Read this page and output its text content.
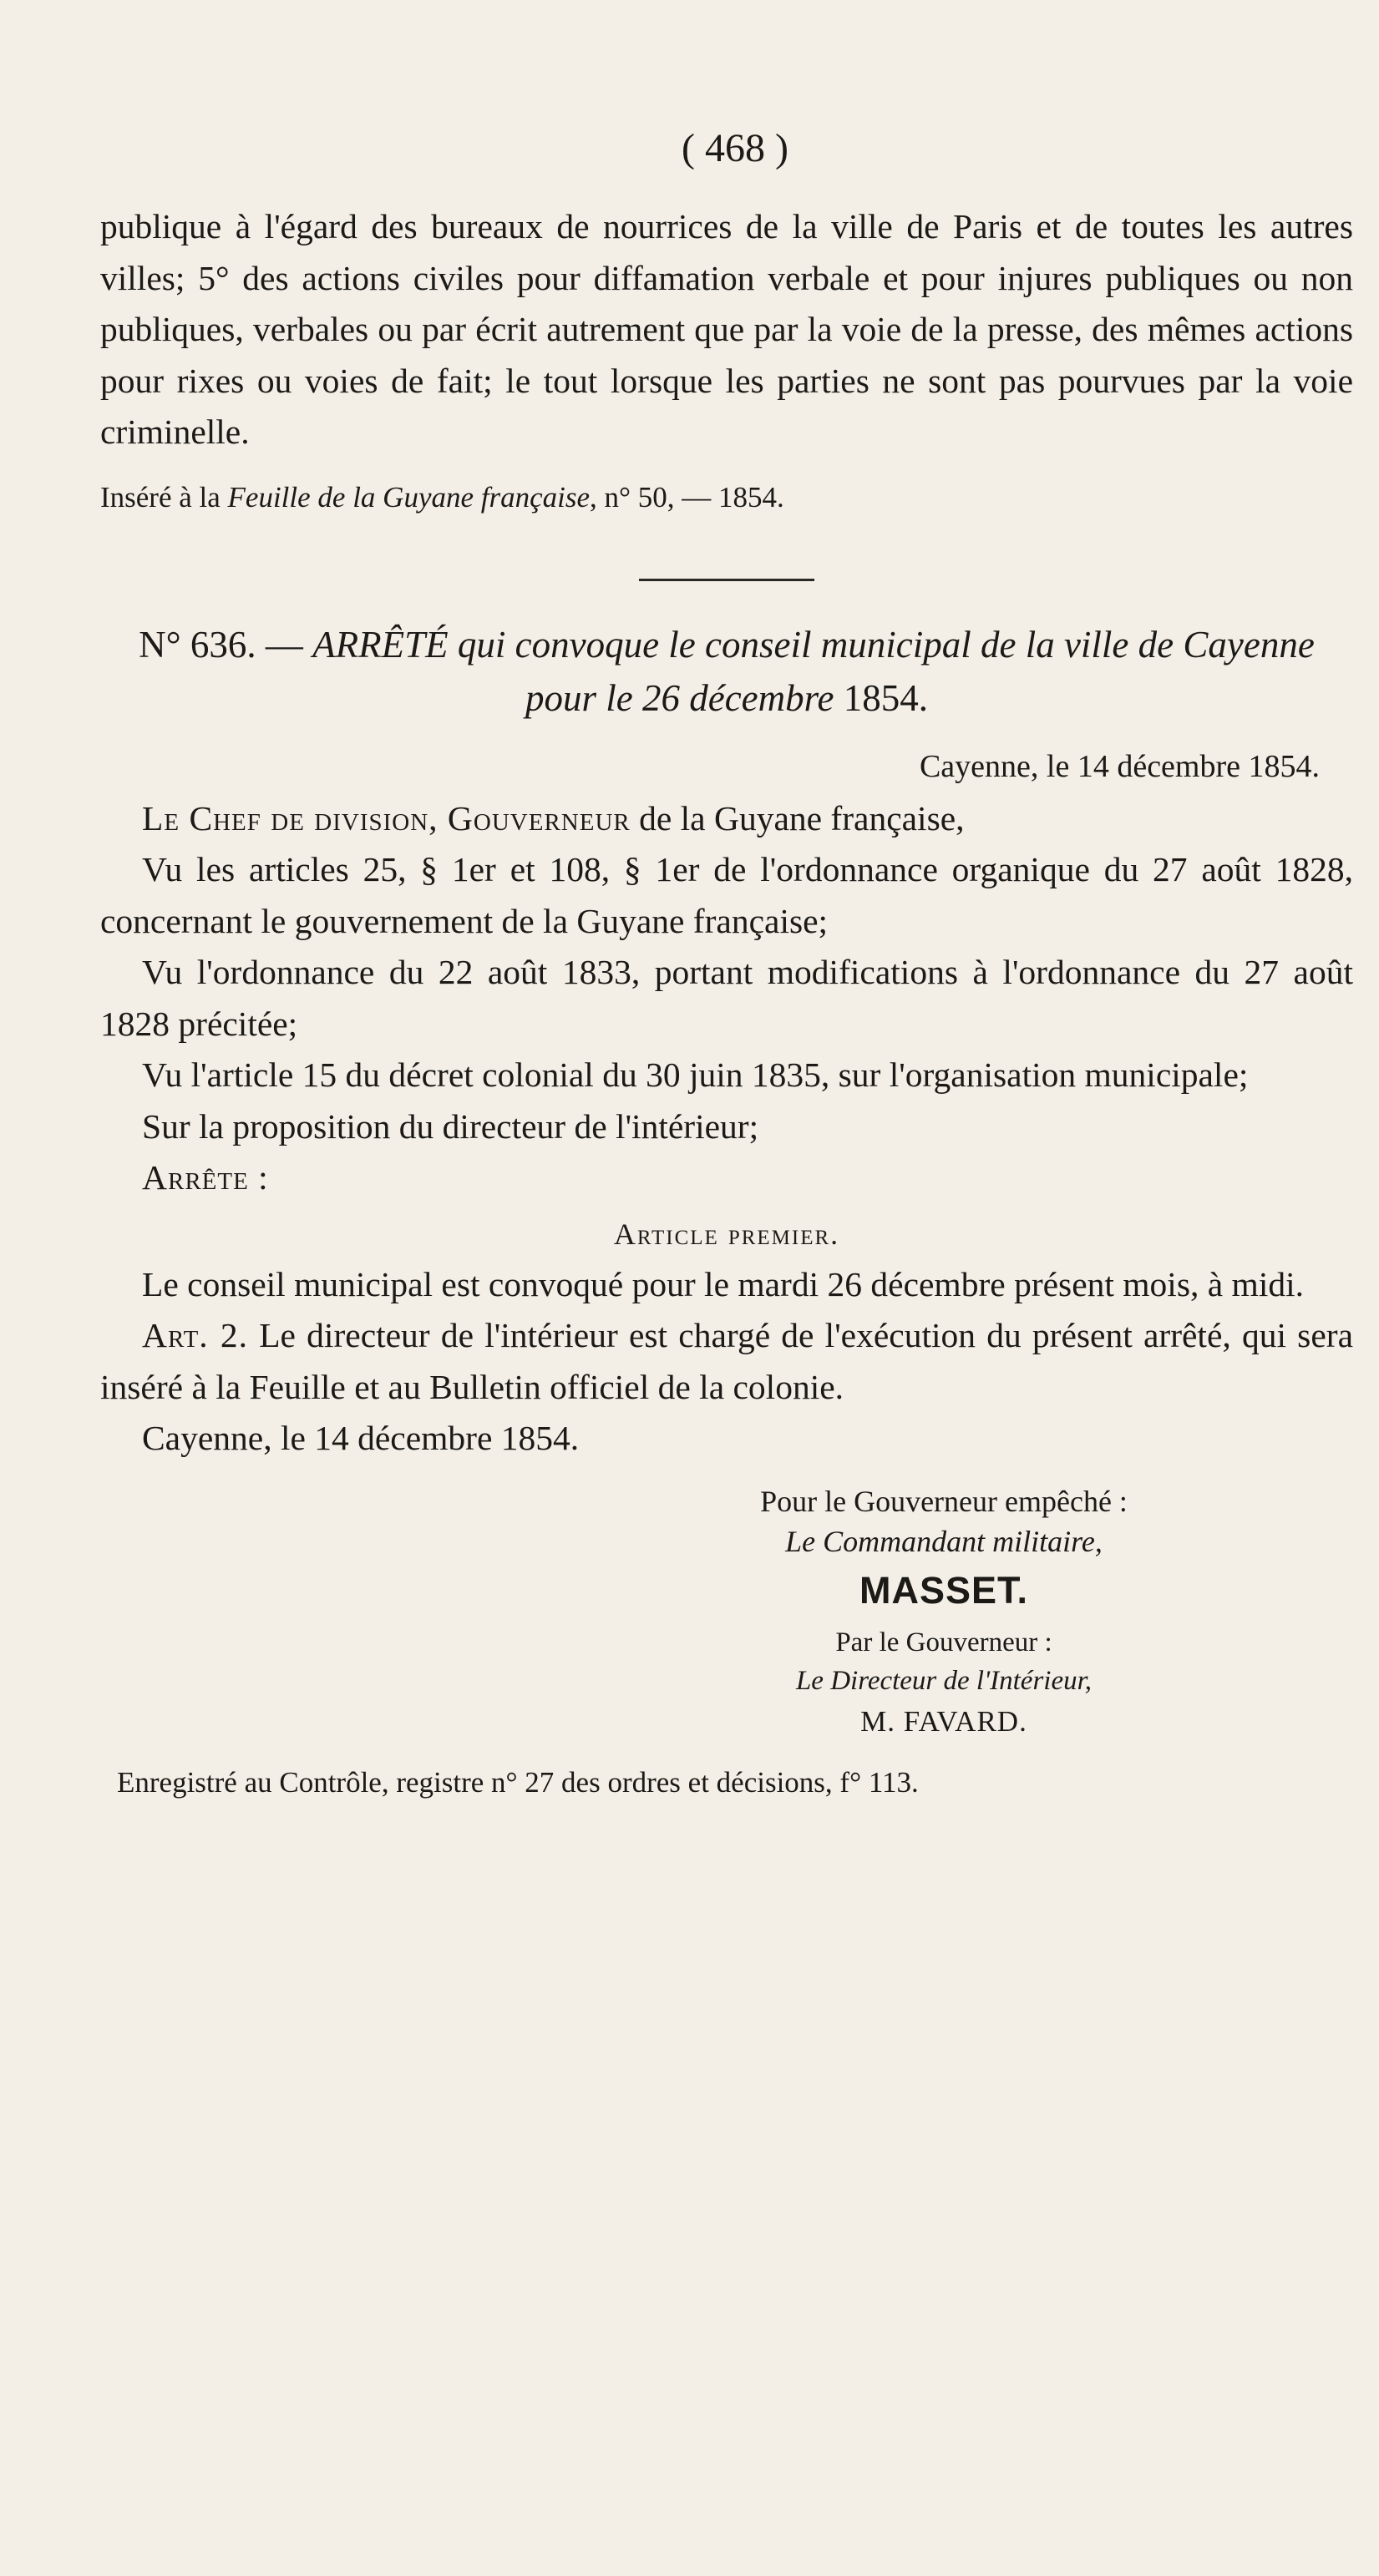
( 468 )

publique à l'égard des bureaux de nourrices de la ville de Paris et de toutes les autres villes; 5° des actions civiles pour diffamation verbale et pour injures publiques ou non publiques, verbales ou par écrit autrement que par la voie de la presse, des mêmes actions pour rixes ou voies de fait; le tout lorsque les parties ne sont pas pourvues par la voie criminelle.

Inséré à la Feuille de la Guyane française, n° 50, — 1854.

N° 636. — ARRÊTÉ qui convoque le conseil municipal de la ville de Cayenne pour le 26 décembre 1854.

Cayenne, le 14 décembre 1854.

Le Chef de division, Gouverneur de la Guyane française,

Vu les articles 25, § 1er et 108, § 1er de l'ordonnance organique du 27 août 1828, concernant le gouvernement de la Guyane française;

Vu l'ordonnance du 22 août 1833, portant modifications à l'ordonnance du 27 août 1828 précitée;

Vu l'article 15 du décret colonial du 30 juin 1835, sur l'organisation municipale;

Sur la proposition du directeur de l'intérieur;

Arrête :

Article premier.

Le conseil municipal est convoqué pour le mardi 26 décembre présent mois, à midi.

Art. 2. Le directeur de l'intérieur est chargé de l'exécution du présent arrêté, qui sera inséré à la Feuille et au Bulletin officiel de la colonie.

Cayenne, le 14 décembre 1854.

Pour le Gouverneur empêché :

Le Commandant militaire,

MASSET.

Par le Gouverneur :

Le Directeur de l'Intérieur,

M. FAVARD.

Enregistré au Contrôle, registre n° 27 des ordres et décisions, f° 113.
